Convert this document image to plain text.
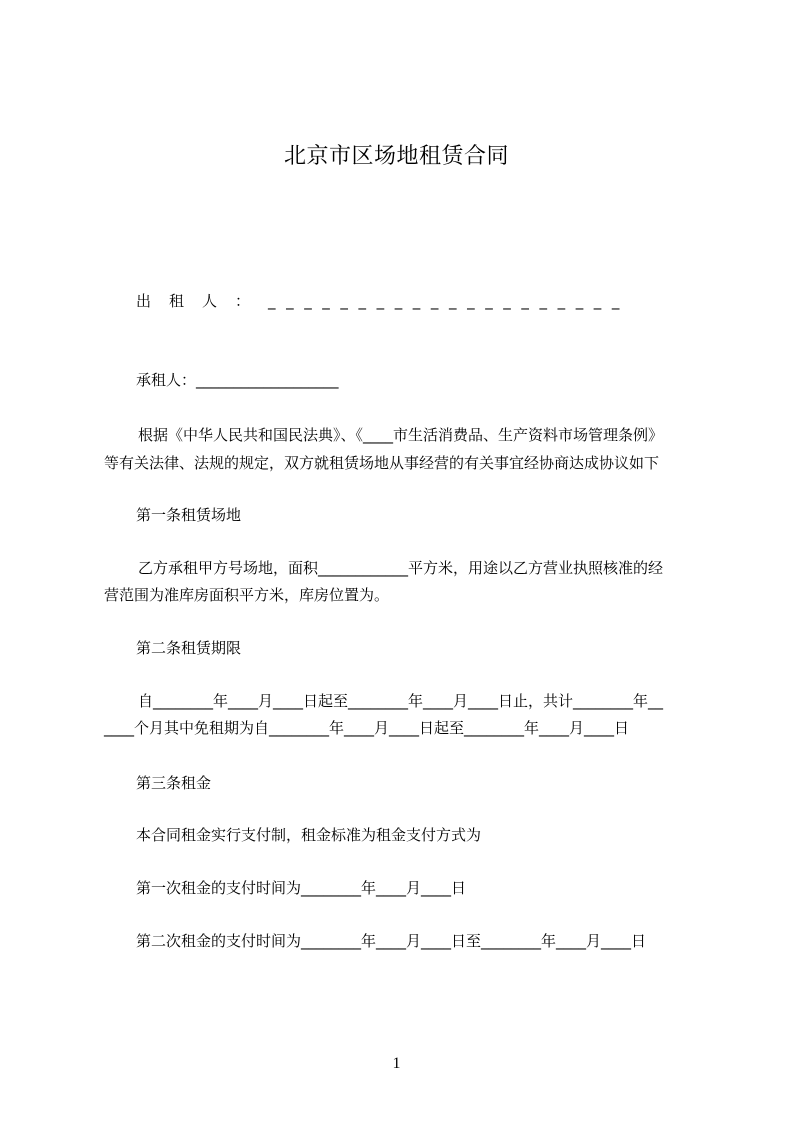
北京市区场地租赁合同
出租人： ____________________
承租人：___________________
根据《中华人民共和国民法典》、《____市生活消费品、生产资料市场管理条例》
等有关法律、法规的规定，双方就租赁场地从事经营的有关事宜经协商达成协议如下
第一条租赁场地
乙方承租甲方号场地，面积____________平方米，用途以乙方营业执照核准的经
营范围为准库房面积平方米，库房位置为。
第二条租赁期限
自________年____月____日起至________年____月____日止，共计________年__
____个月其中免租期为自________年____月____日起至________年____月____日
第三条租金
本合同租金实行支付制，租金标准为租金支付方式为
第一次租金的支付时间为________年____月____日
第二次租金的支付时间为________年____月____日至________年____月____日
1
